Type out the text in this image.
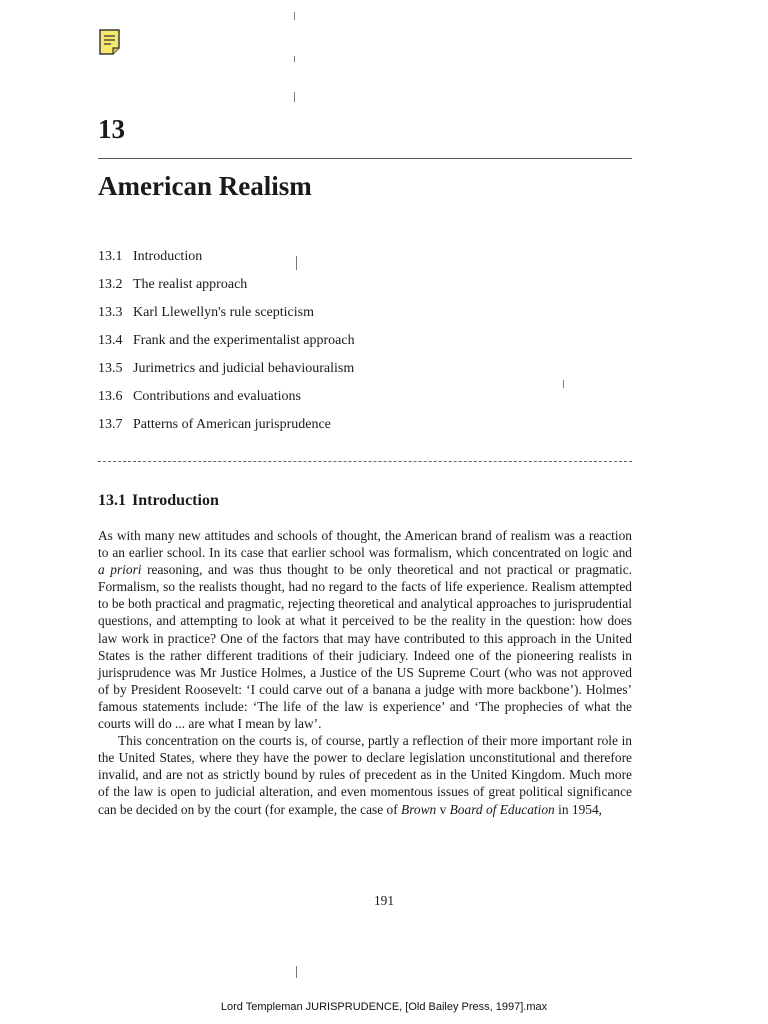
13
American Realism
13.1 Introduction
13.2 The realist approach
13.3 Karl Llewellyn's rule scepticism
13.4 Frank and the experimentalist approach
13.5 Jurimetrics and judicial behaviouralism
13.6 Contributions and evaluations
13.7 Patterns of American jurisprudence
13.1 Introduction

As with many new attitudes and schools of thought, the American brand of realism was a reaction to an earlier school. In its case that earlier school was formalism, which concentrated on logic and a priori reasoning, and was thus thought to be only theoretical and not practical or pragmatic. Formalism, so the realists thought, had no regard to the facts of life experience. Realism attempted to be both practical and pragmatic, rejecting theoretical and analytical approaches to jurisprudential questions, and attempting to look at what it perceived to be the reality in the question: how does law work in practice? One of the factors that may have contributed to this approach in the United States is the rather different traditions of their judiciary. Indeed one of the pioneering realists in jurisprudence was Mr Justice Holmes, a Justice of the US Supreme Court (who was not approved of by President Roosevelt: ‘I could carve out of a banana a judge with more backbone’). Holmes’ famous statements include: ‘The life of the law is experience’ and ‘The prophecies of what the courts will do ... are what I mean by law’.

This concentration on the courts is, of course, partly a reflection of their more important role in the United States, where they have the power to declare legislation unconstitutional and therefore invalid, and are not as strictly bound by rules of precedent as in the United Kingdom. Much more of the law is open to judicial alteration, and even momentous issues of great political significance can be decided on by the court (for example, the case of Brown v Board of Education in 1954,

191
Lord Templeman JURISPRUDENCE, [Old Bailey Press, 1997].max
